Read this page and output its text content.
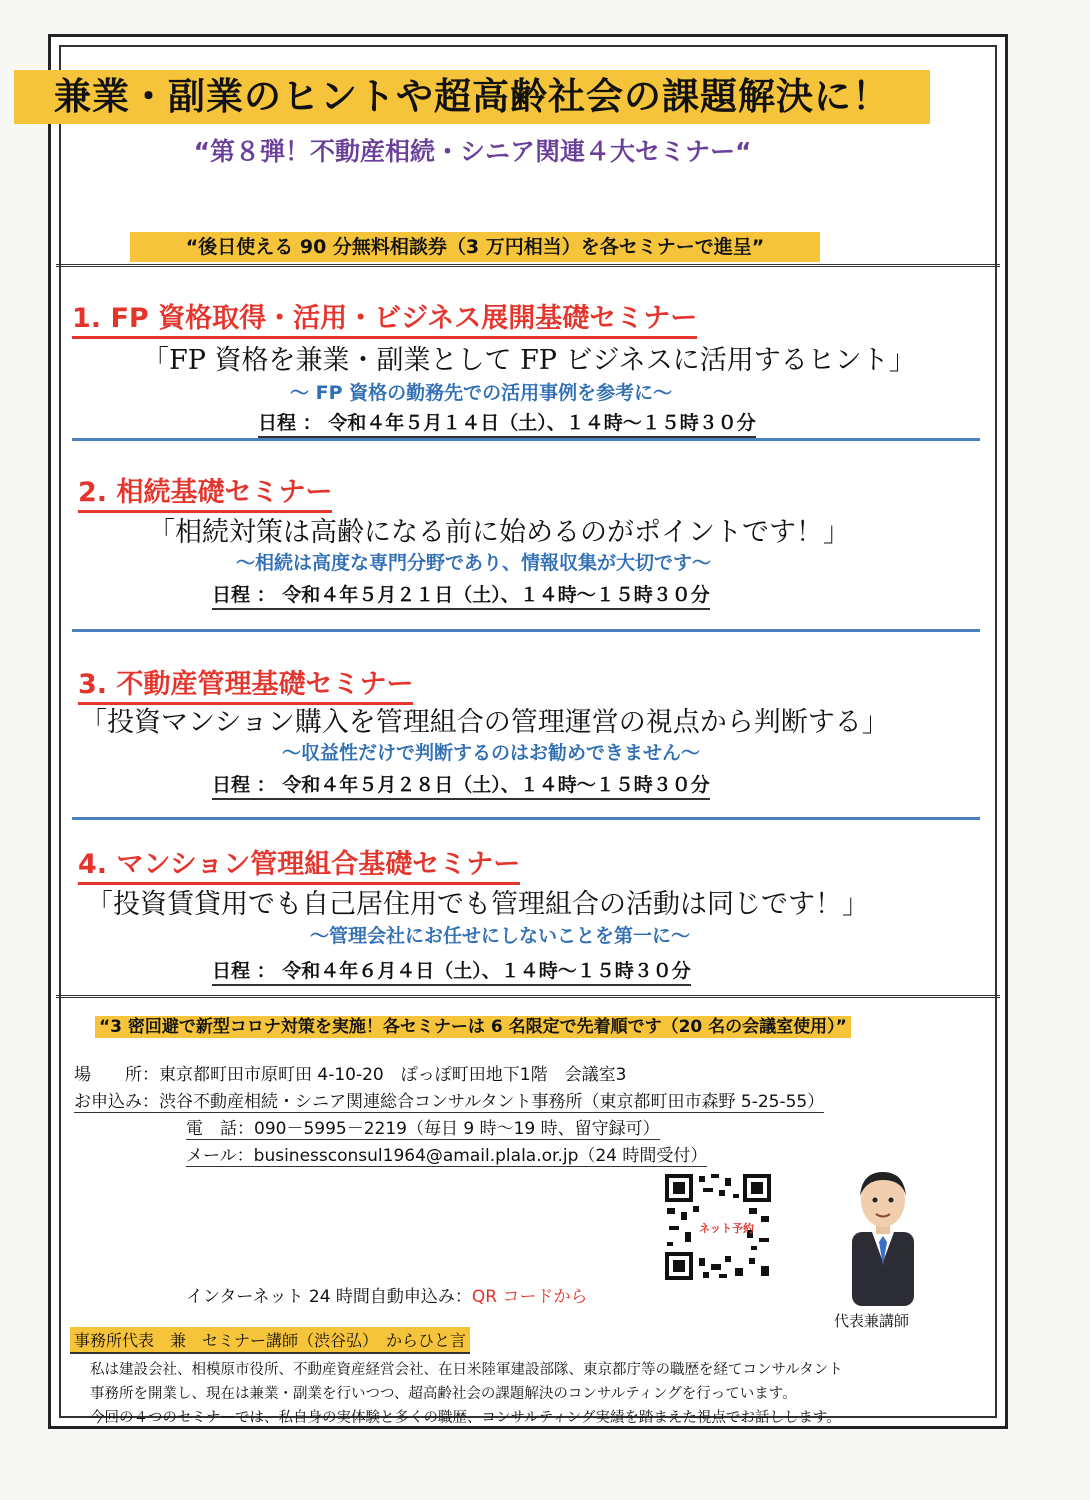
兼業・副業のヒントや超高齢社会の課題解決に！
“第８弾！不動産相続・シニア関連４大セミナー“
“後日使える 90 分無料相談券（3 万円相当）を各セミナーで進呈”
1. FP 資格取得・活用・ビジネス展開基礎セミナー
「FP 資格を兼業・副業として FP ビジネスに活用するヒント」
～ FP 資格の勤務先での活用事例を参考に～
日程 ： 令和４年５月１４日（土）、１４時～１５時３０分
2. 相続基礎セミナー
「相続対策は高齢になる前に始めるのがポイントです！」
～相続は高度な専門分野であり、情報収集が大切です～
日程 ： 令和４年５月２１日（土）、１４時～１５時３０分
3. 不動産管理基礎セミナー
「投資マンション購入を管理組合の管理運営の視点から判断する」
～収益性だけで判断するのはお勧めできません～
日程 ： 令和４年５月２８日（土）、１４時～１５時３０分
4. マンション管理組合基礎セミナー
「投資賃貸用でも自己居住用でも管理組合の活動は同じです！」
～管理会社にお任せにしないことを第一に～
日程 ： 令和４年６月４日（土）、１４時～１５時３０分
“3 密回避で新型コロナ対策を実施！各セミナーは 6 名限定で先着順です（20 名の会議室使用）”
場　　所：東京都町田市原町田 4-10-20　ぽっぽ町田地下1階　会議室3
お申込み：渋谷不動産相続・シニア関連総合コンサルタント事務所（東京都町田市森野 5-25-55）
電　話：090－5995－2219（毎日 9 時～19 時、留守録可）
メール：businessconsul1964@amail.plala.or.jp（24 時間受付）
ネット予約
インターネット 24 時間自動申込み：QR コードから
代表兼講師
事務所代表　兼　セミナー講師（渋谷弘）　からひと言
私は建設会社、相模原市役所、不動産資産経営会社、在日米陸軍建設部隊、東京都庁等の職歴を経てコンサルタント
事務所を開業し、現在は兼業・副業を行いつつ、超高齢社会の課題解決のコンサルティングを行っています。
今回の４つのセミナーでは、私自身の実体験と多くの職歴、コンサルティング実績を踏まえた視点でお話しします。
